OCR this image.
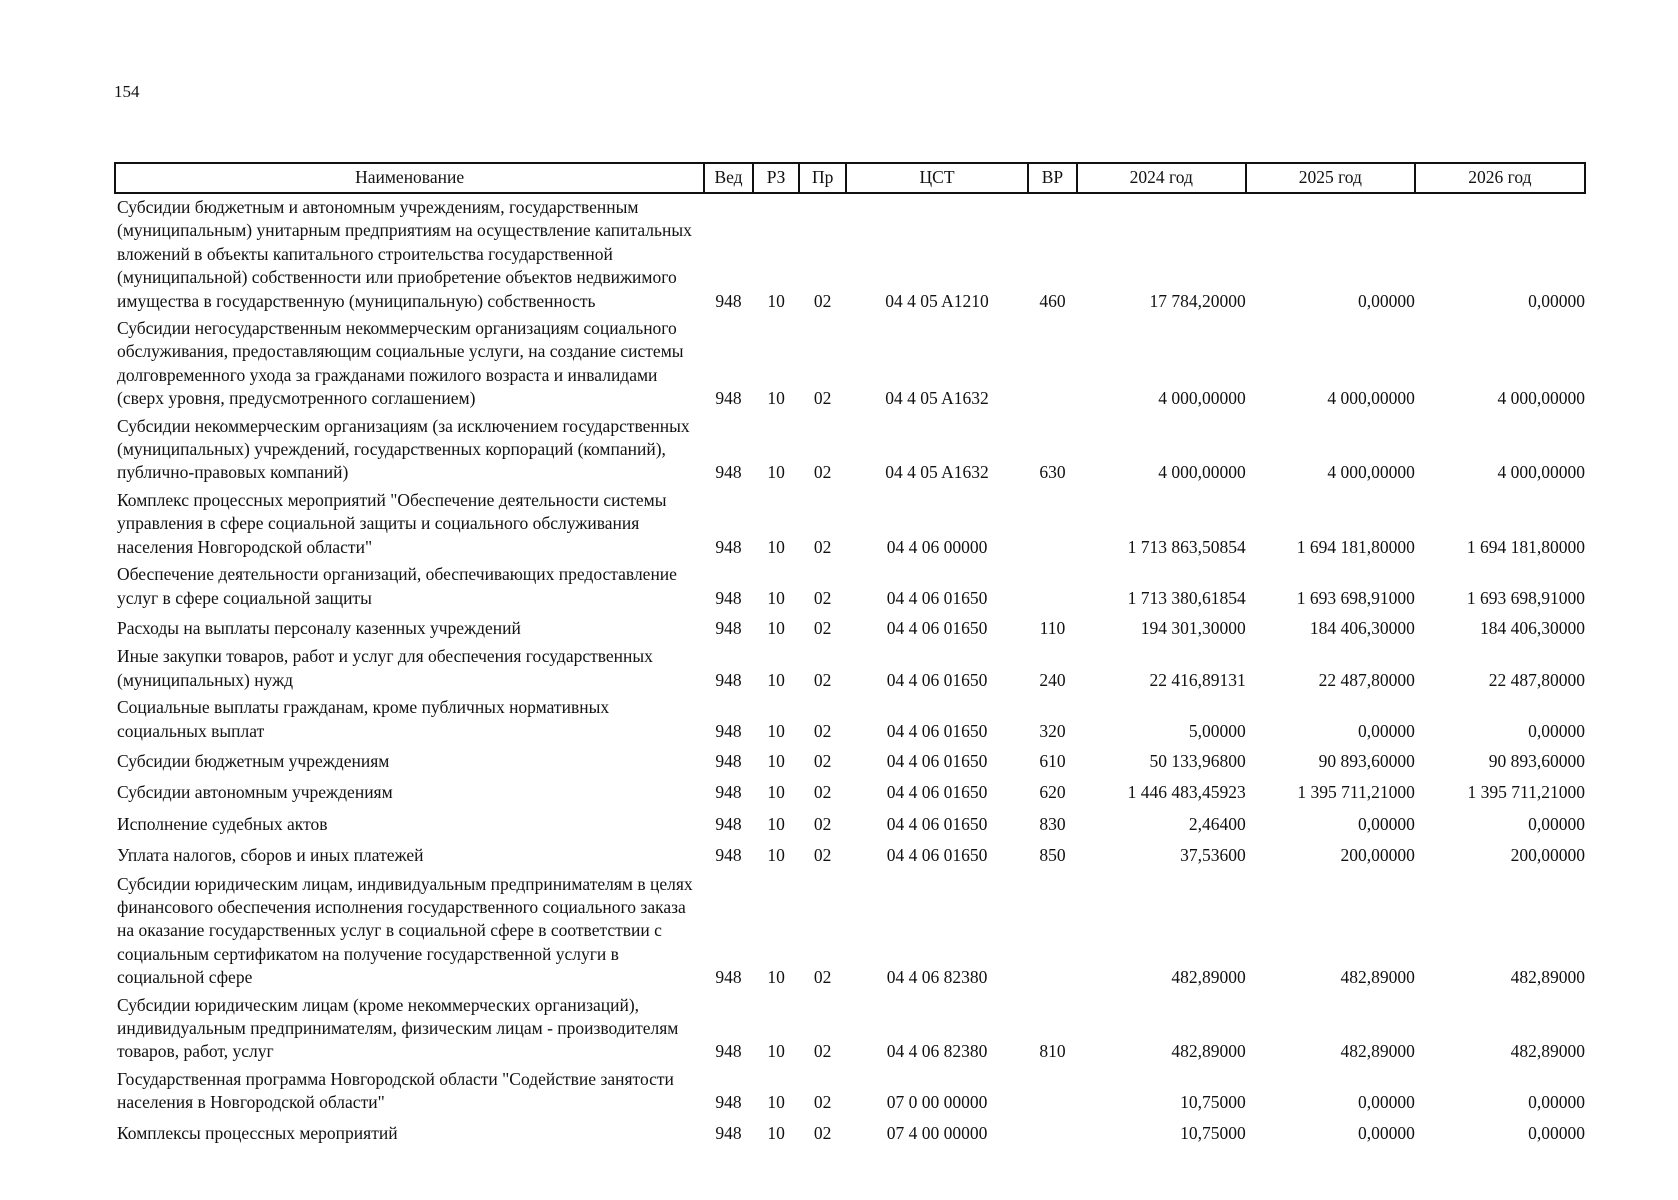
154
Наименование	Вед	РЗ	Пр	ЦСТ	ВР	2024 год	2025 год	2026 год
Субсидии бюджетным и автономным учреждениям, государственным (муниципальным) унитарным предприятиям на осуществление капитальных вложений в объекты капитального строительства государственной (муниципальной) собственности или приобретение объектов недвижимого имущества в государственную (муниципальную) собственность	948	10	02	04 4 05 A1210	460	17 784,20000	0,00000	0,00000
Субсидии негосударственным некоммерческим организациям социального обслуживания, предоставляющим социальные услуги, на создание системы долговременного ухода за гражданами пожилого возраста и инвалидами (сверх уровня, предусмотренного соглашением)	948	10	02	04 4 05 A1632		4 000,00000	4 000,00000	4 000,00000
Субсидии некоммерческим организациям (за исключением государственных (муниципальных) учреждений, государственных корпораций (компаний), публично-правовых компаний)	948	10	02	04 4 05 A1632	630	4 000,00000	4 000,00000	4 000,00000
Комплекс процессных мероприятий "Обеспечение деятельности системы управления в сфере социальной защиты и социального обслуживания населения Новгородской области"	948	10	02	04 4 06 00000		1 713 863,50854	1 694 181,80000	1 694 181,80000
Обеспечение деятельности организаций, обеспечивающих предоставление услуг в сфере социальной защиты	948	10	02	04 4 06 01650		1 713 380,61854	1 693 698,91000	1 693 698,91000
Расходы на выплаты персоналу казенных учреждений	948	10	02	04 4 06 01650	110	194 301,30000	184 406,30000	184 406,30000
Иные закупки товаров, работ и услуг для обеспечения государственных (муниципальных) нужд	948	10	02	04 4 06 01650	240	22 416,89131	22 487,80000	22 487,80000
Социальные выплаты гражданам, кроме публичных нормативных социальных выплат	948	10	02	04 4 06 01650	320	5,00000	0,00000	0,00000
Субсидии бюджетным учреждениям	948	10	02	04 4 06 01650	610	50 133,96800	90 893,60000	90 893,60000
Субсидии автономным учреждениям	948	10	02	04 4 06 01650	620	1 446 483,45923	1 395 711,21000	1 395 711,21000
Исполнение судебных актов	948	10	02	04 4 06 01650	830	2,46400	0,00000	0,00000
Уплата налогов, сборов и иных платежей	948	10	02	04 4 06 01650	850	37,53600	200,00000	200,00000
Субсидии юридическим лицам, индивидуальным предпринимателям в целях финансового обеспечения исполнения государственного социального заказа на оказание государственных услуг в социальной сфере в соответствии с социальным сертификатом на получение государственной услуги в социальной сфере	948	10	02	04 4 06 82380		482,89000	482,89000	482,89000
Субсидии юридическим лицам (кроме некоммерческих организаций), индивидуальным предпринимателям, физическим лицам - производителям товаров, работ, услуг	948	10	02	04 4 06 82380	810	482,89000	482,89000	482,89000
Государственная программа Новгородской области "Содействие занятости населения в Новгородской области"	948	10	02	07 0 00 00000		10,75000	0,00000	0,00000
Комплексы процессных мероприятий	948	10	02	07 4 00 00000		10,75000	0,00000	0,00000
